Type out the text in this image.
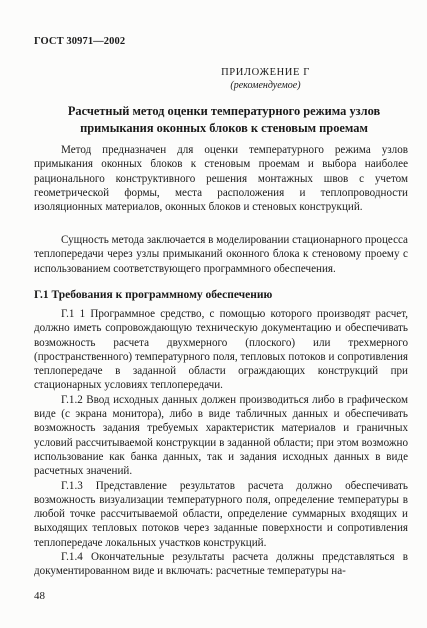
ГОСТ 30971—2002
ПРИЛОЖЕНИЕ Г
(рекомендуемое)
Расчетный метод оценки температурного режима узлов примыкания оконных блоков к стеновым проемам

Метод предназначен для оценки температурного режима узлов примыкания оконных блоков к стеновым проемам и выбора наиболее рационального конструктивного решения монтажных швов с учетом геометрической формы, места расположения и теплопроводности изоляционных материалов, оконных блоков и стеновых конструкций.

Сущность метода заключается в моделировании стационарного процесса теплопередачи через узлы примыканий оконного блока к стеновому проему с использованием соответствующего программного обеспечения.

Г.1 Требования к программному обеспечению

Г.1 1 Программное средство, с помощью которого производят расчет, должно иметь сопровождающую техническую документацию и обеспечивать возможность расчета двухмерного (плоского) или трехмерного (пространственного) температурного поля, тепловых потоков и сопротивления теплопередаче в заданной области ограждающих конструкций при стационарных условиях теплопередачи.

Г.1.2 Ввод исходных данных должен производиться либо в графическом виде (с экрана монитора), либо в виде табличных данных и обеспечивать возможность задания требуемых характеристик материалов и граничных условий рассчитываемой конструкции в заданной области; при этом возможно использование как банка данных, так и задания исходных данных в виде расчетных значений.

Г.1.3 Представление результатов расчета должно обеспечивать возможность визуализации температурного поля, определение температуры в любой точке рассчитываемой области, определение суммарных входящих и выходящих тепловых потоков через заданные поверхности и сопротивления теплопередаче локальных участков конструкций.

Г.1.4 Окончательные результаты расчета должны представляться в документированном виде и включать: расчетные температуры на-

48
